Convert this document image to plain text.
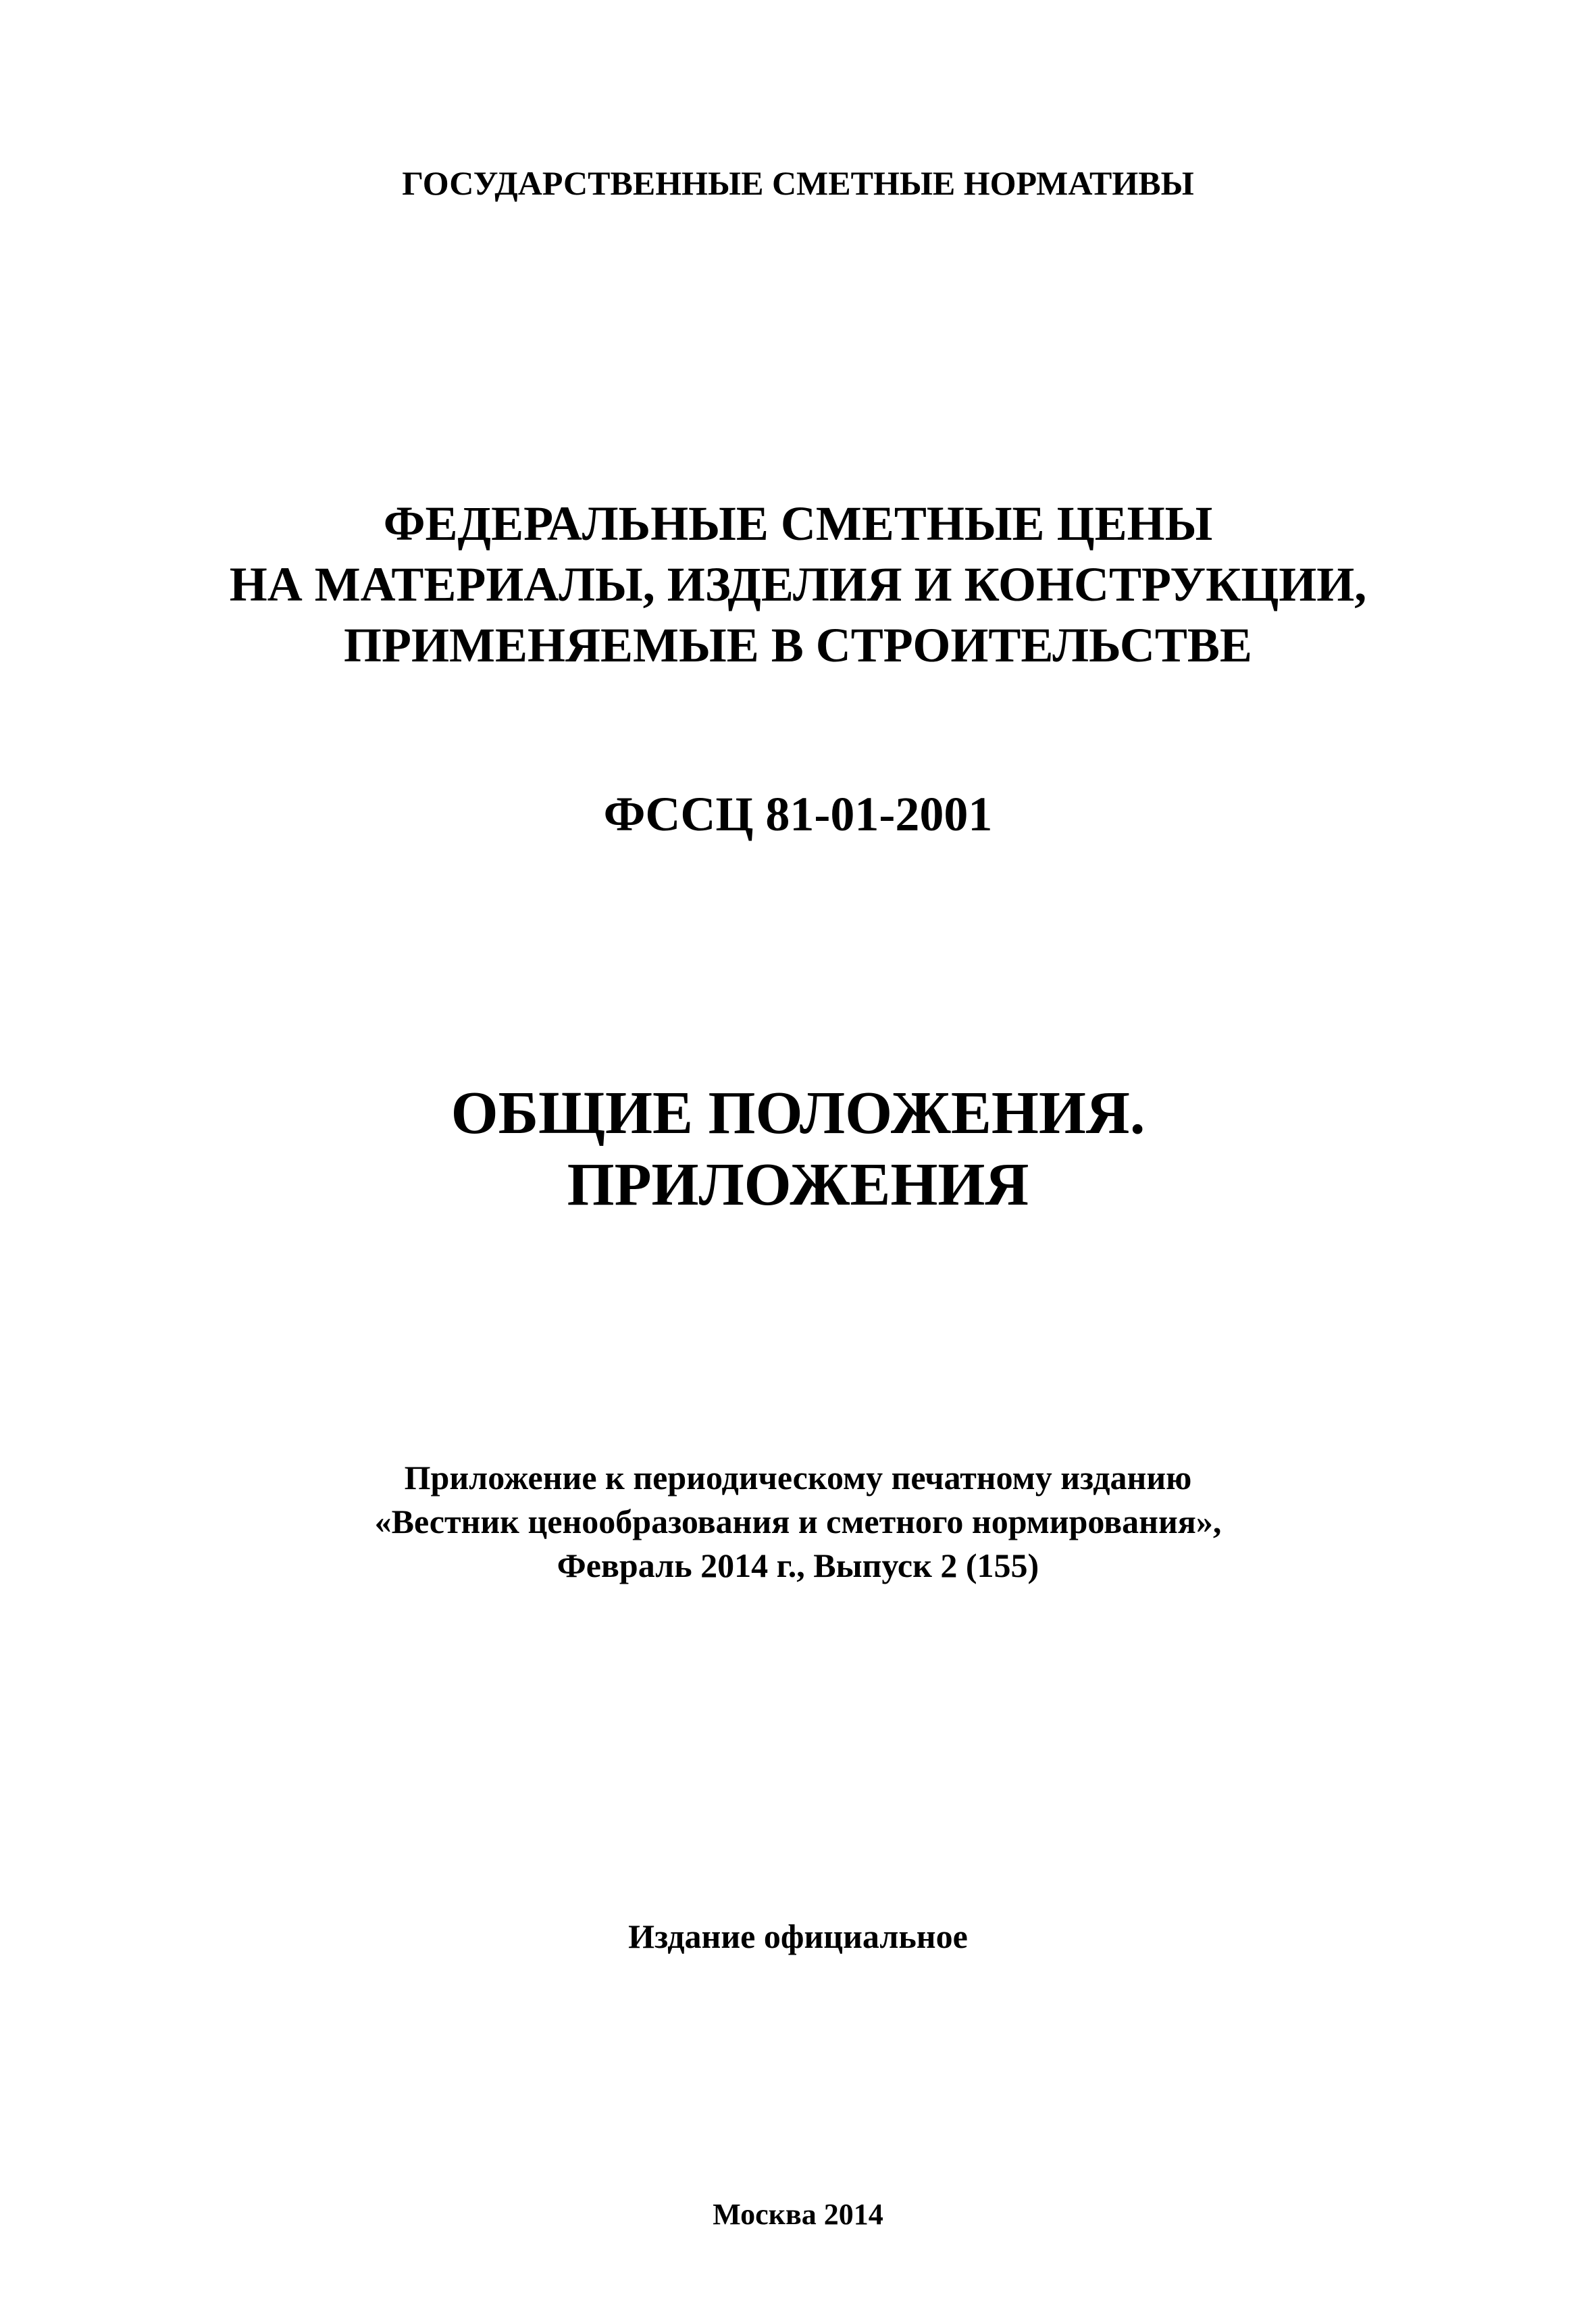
ГОСУДАРСТВЕННЫЕ СМЕТНЫЕ НОРМАТИВЫ
ФЕДЕРАЛЬНЫЕ СМЕТНЫЕ ЦЕНЫ
НА МАТЕРИАЛЫ, ИЗДЕЛИЯ И КОНСТРУКЦИИ,
ПРИМЕНЯЕМЫЕ В СТРОИТЕЛЬСТВЕ
ФССЦ 81-01-2001
ОБЩИЕ ПОЛОЖЕНИЯ.
ПРИЛОЖЕНИЯ
Приложение к периодическому печатному изданию
«Вестник ценообразования и сметного нормирования»,
Февраль 2014 г., Выпуск 2 (155)
Издание официальное
Москва 2014
